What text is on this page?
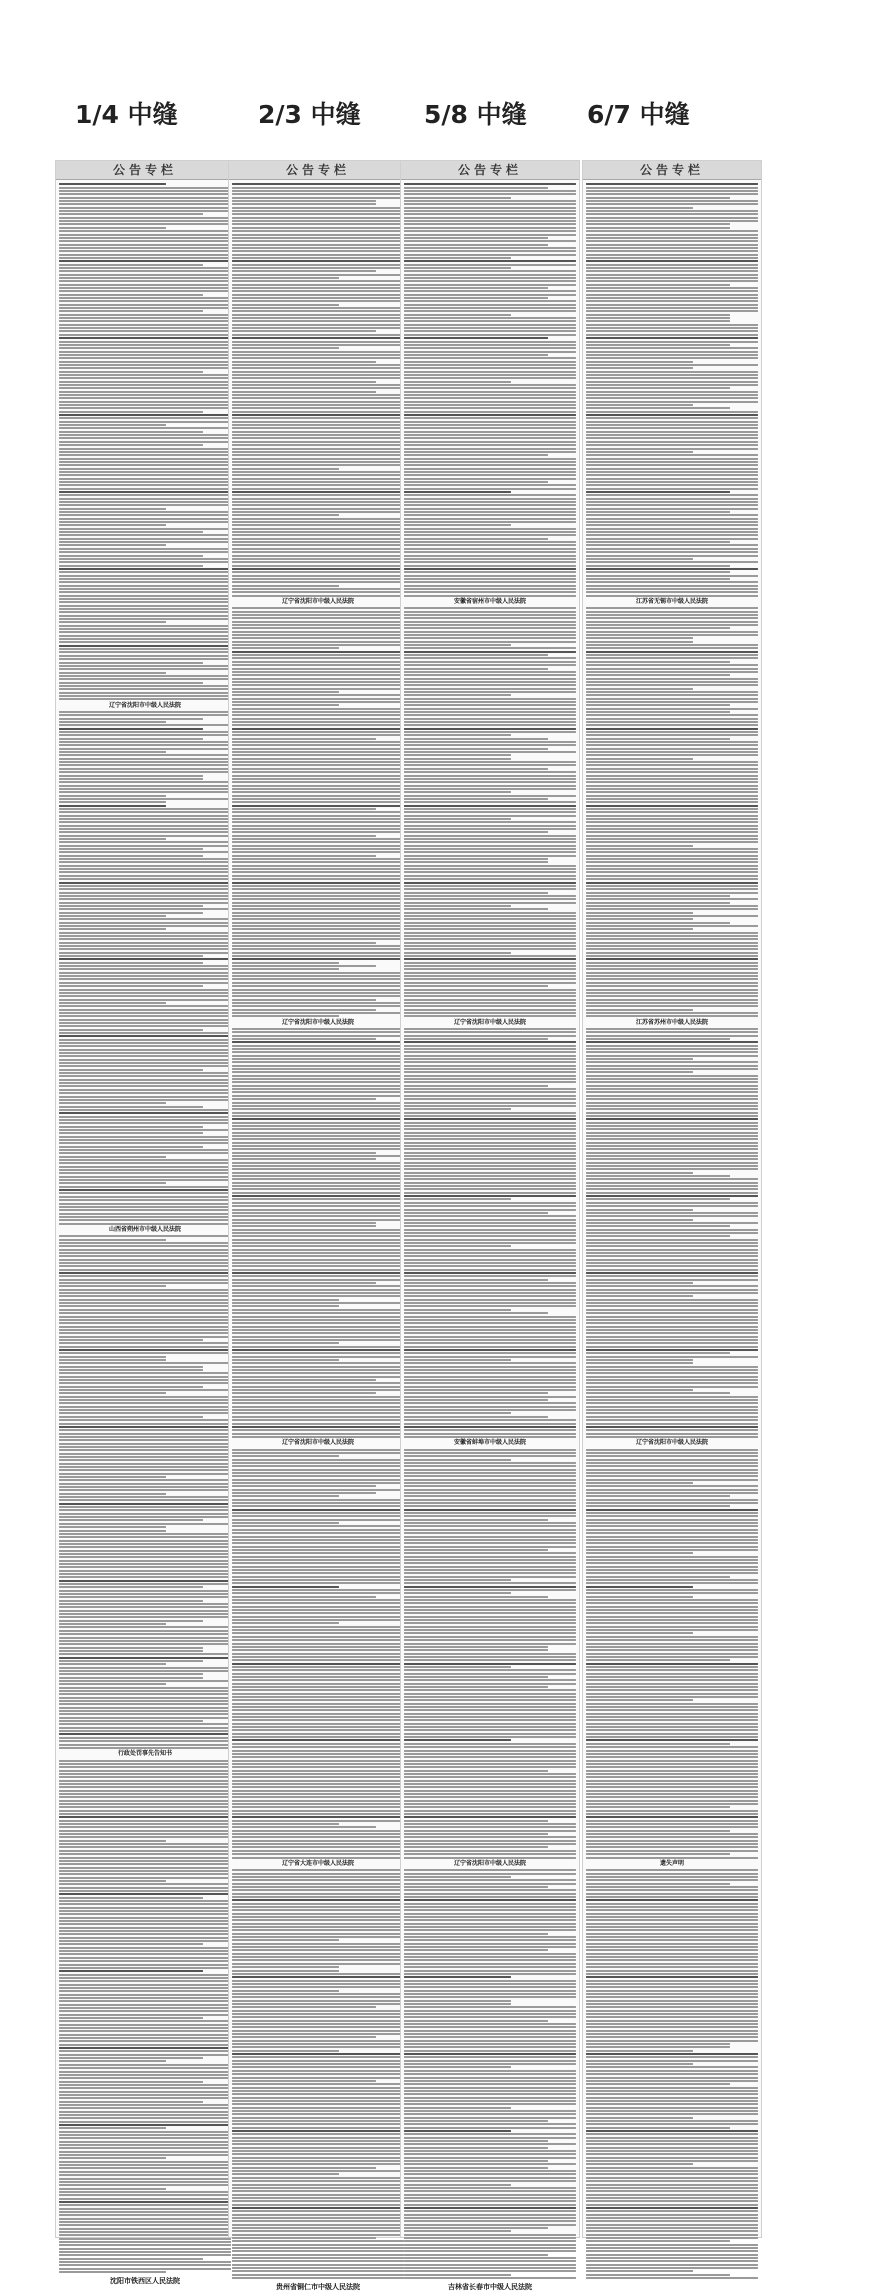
1/4 中缝	2/3 中缝	5/8 中缝 6/7 中缝
公告专栏
辽宁省沈阳市中级人民法院
山西省朔州市中级人民法院
行政处罚事先告知书
沈阳市铁西区人民法院
公告专栏
辽宁省沈阳市中级人民法院
辽宁省沈阳市中级人民法院
辽宁省沈阳市中级人民法院
辽宁省大连市中级人民法院
贵州省铜仁市中级人民法院
公告专栏
安徽省宿州市中级人民法院
辽宁省沈阳市中级人民法院
安徽省蚌埠市中级人民法院
辽宁省沈阳市中级人民法院
吉林省长春市中级人民法院
公告专栏
江苏省无锡市中级人民法院
江苏省苏州市中级人民法院
辽宁省沈阳市中级人民法院
遗失声明
